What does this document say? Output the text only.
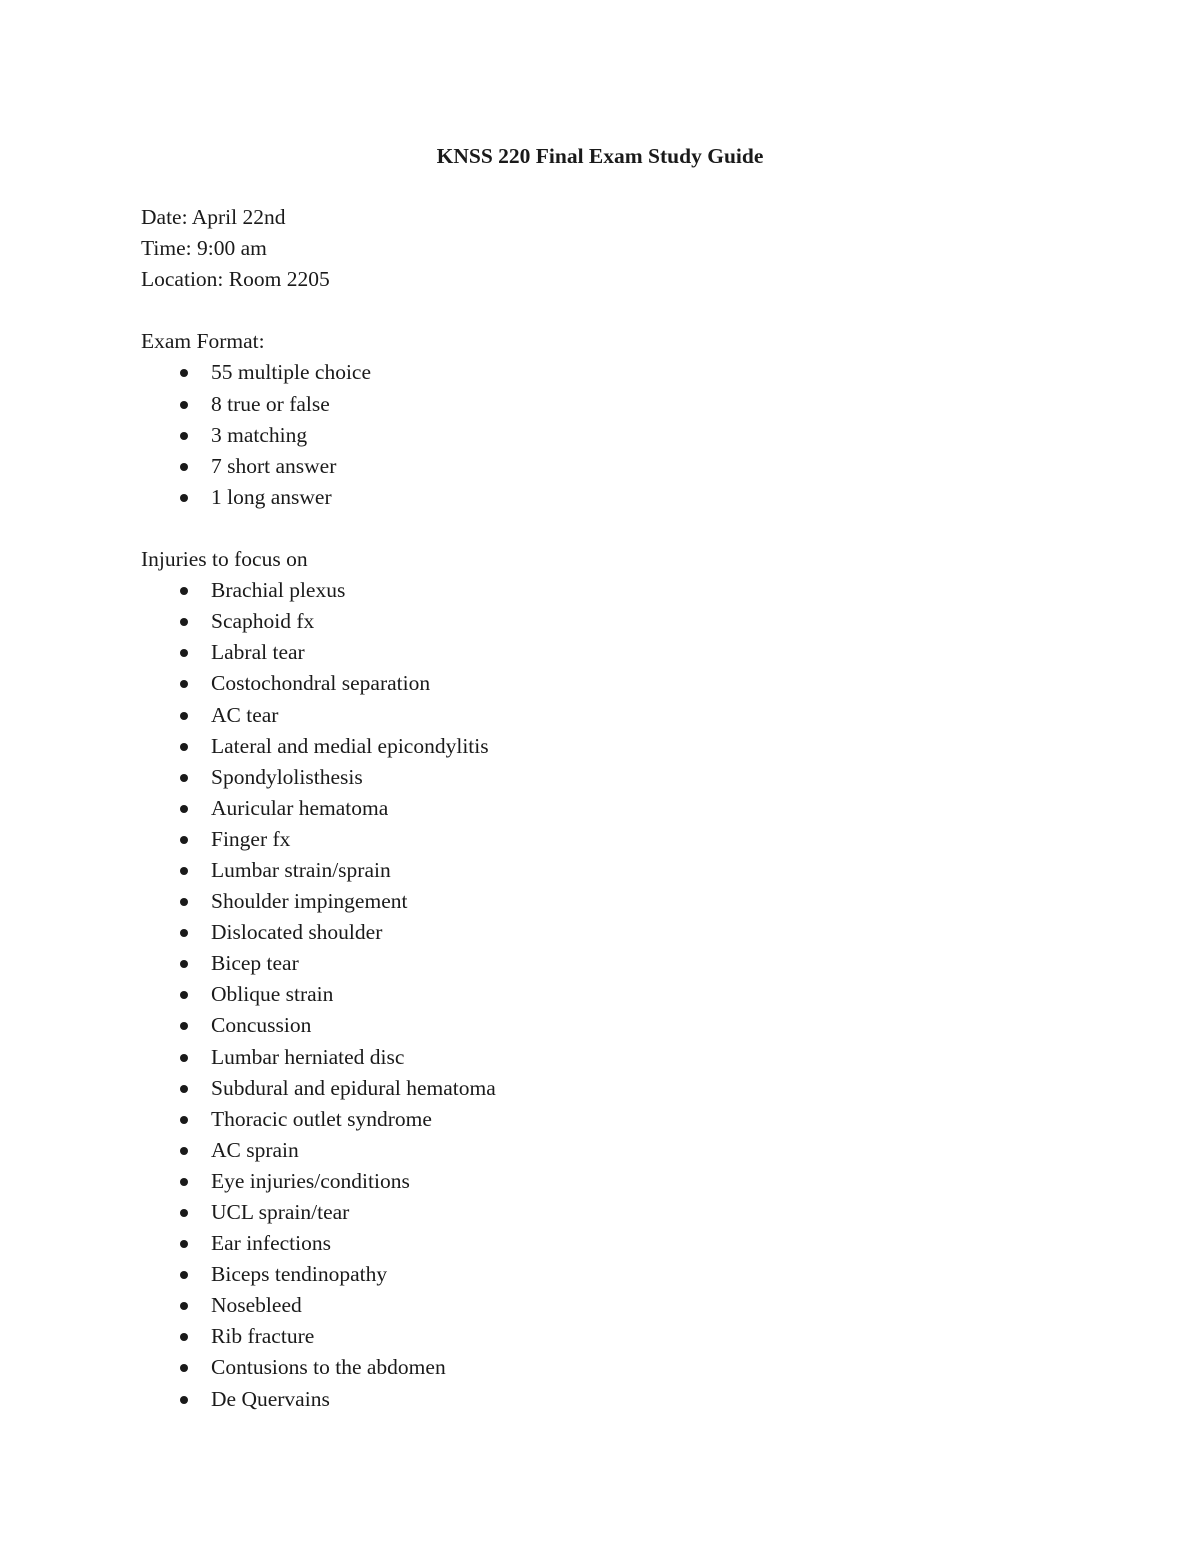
KNSS 220 Final Exam Study Guide
Date: April 22nd
Time: 9:00 am
Location: Room 2205
Exam Format:
55 multiple choice
8 true or false
3 matching
7 short answer
1 long answer
Injuries to focus on
Brachial plexus
Scaphoid fx
Labral tear
Costochondral separation
AC tear
Lateral and medial epicondylitis
Spondylolisthesis
Auricular hematoma
Finger fx
Lumbar strain/sprain
Shoulder impingement
Dislocated shoulder
Bicep tear
Oblique strain
Concussion
Lumbar herniated disc
Subdural and epidural hematoma
Thoracic outlet syndrome
AC sprain
Eye injuries/conditions
UCL sprain/tear
Ear infections
Biceps tendinopathy
Nosebleed
Rib fracture
Contusions to the abdomen
De Quervains
